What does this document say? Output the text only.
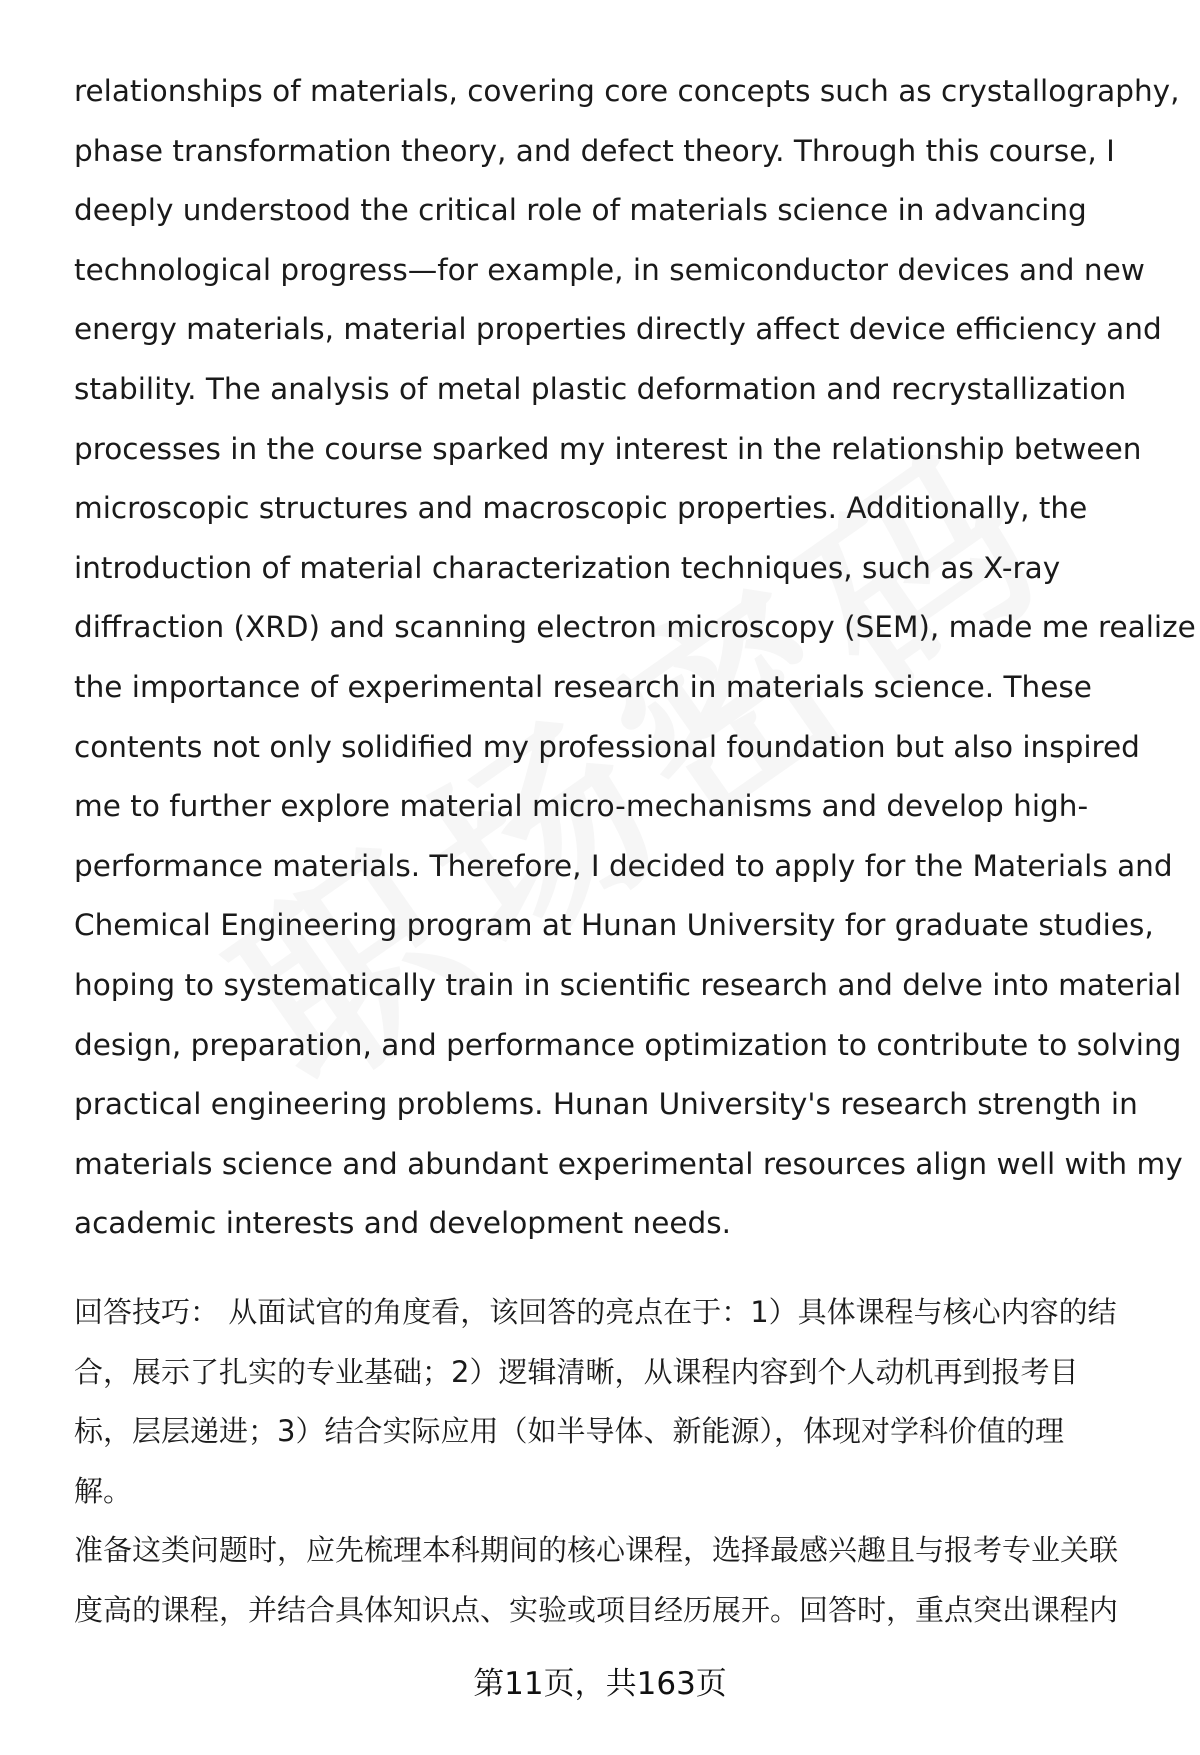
relationships of materials, covering core concepts such as crystallography,
phase transformation theory, and defect theory. Through this course, I
deeply understood the critical role of materials science in advancing
technological progress—for example, in semiconductor devices and new
energy materials, material properties directly affect device efficiency and
stability. The analysis of metal plastic deformation and recrystallization
processes in the course sparked my interest in the relationship between
microscopic structures and macroscopic properties. Additionally, the
introduction of material characterization techniques, such as X-ray
diffraction (XRD) and scanning electron microscopy (SEM), made me realize
the importance of experimental research in materials science. These
contents not only solidified my professional foundation but also inspired
me to further explore material micro-mechanisms and develop high-
performance materials. Therefore, I decided to apply for the Materials and
Chemical Engineering program at Hunan University for graduate studies,
hoping to systematically train in scientific research and delve into material
design, preparation, and performance optimization to contribute to solving
practical engineering problems. Hunan University's research strength in
materials science and abundant experimental resources align well with my
academic interests and development needs.
回答技巧： 从面试官的角度看，该回答的亮点在于：1）具体课程与核心内容的结
合，展示了扎实的专业基础；2）逻辑清晰，从课程内容到个人动机再到报考目
标，层层递进；3）结合实际应用（如半导体、新能源），体现对学科价值的理
解。
准备这类问题时，应先梳理本科期间的核心课程，选择最感兴趣且与报考专业关联
度高的课程，并结合具体知识点、实验或项目经历展开。回答时，重点突出课程内
第11页，共163页
